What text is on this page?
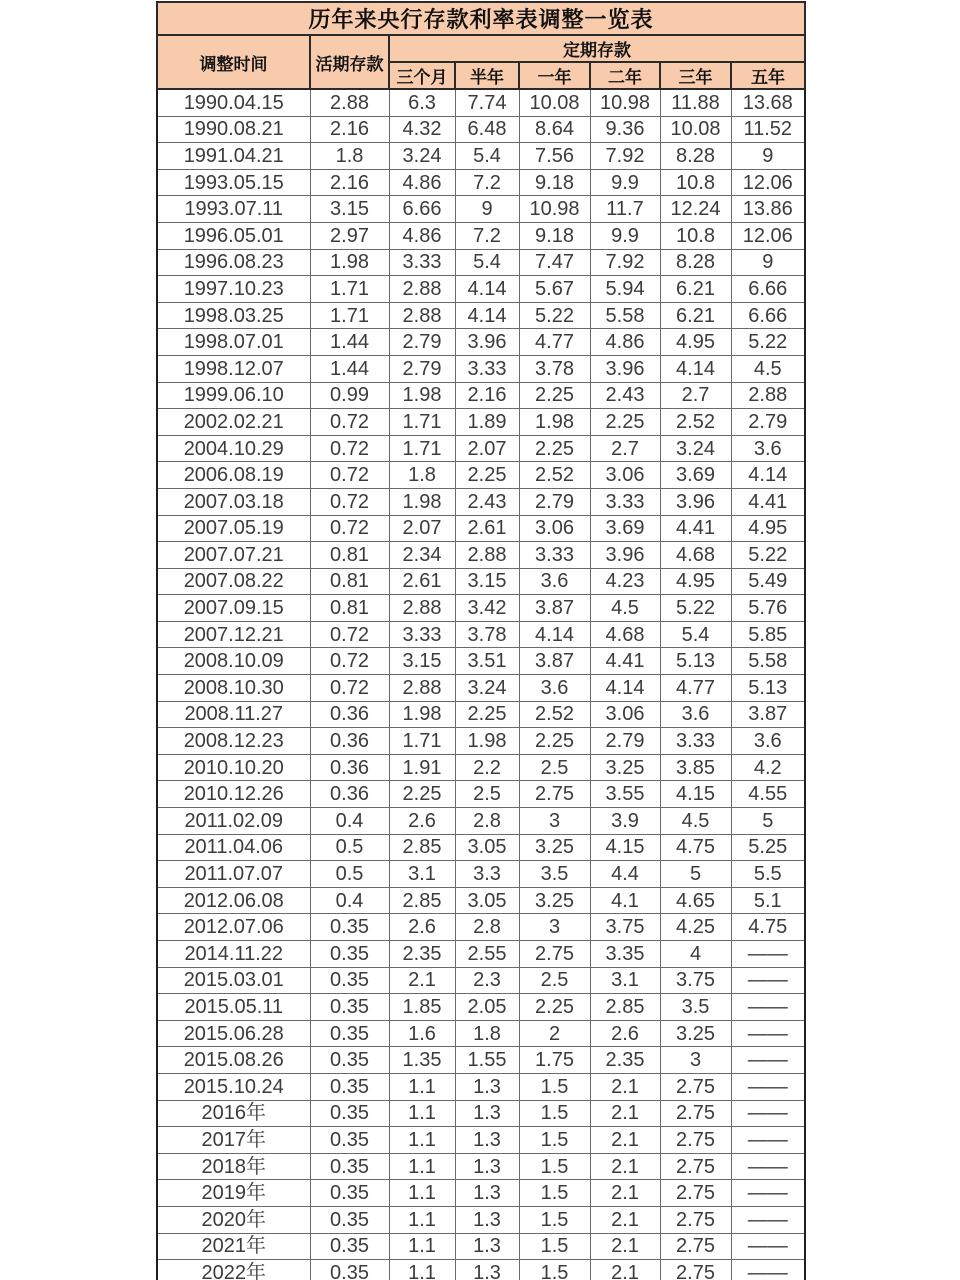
历年来央行存款利率表调整一览表							
调整时间	活期存款	定期存款					
		三个月	半年	一年	二年	三年	五年
1990.04.15	2.88	6.3	7.74	10.08	10.98	11.88	13.68
1990.08.21	2.16	4.32	6.48	8.64	9.36	10.08	11.52
1991.04.21	1.8	3.24	5.4	7.56	7.92	8.28	9
1993.05.15	2.16	4.86	7.2	9.18	9.9	10.8	12.06
1993.07.11	3.15	6.66	9	10.98	11.7	12.24	13.86
1996.05.01	2.97	4.86	7.2	9.18	9.9	10.8	12.06
1996.08.23	1.98	3.33	5.4	7.47	7.92	8.28	9
1997.10.23	1.71	2.88	4.14	5.67	5.94	6.21	6.66
1998.03.25	1.71	2.88	4.14	5.22	5.58	6.21	6.66
1998.07.01	1.44	2.79	3.96	4.77	4.86	4.95	5.22
1998.12.07	1.44	2.79	3.33	3.78	3.96	4.14	4.5
1999.06.10	0.99	1.98	2.16	2.25	2.43	2.7	2.88
2002.02.21	0.72	1.71	1.89	1.98	2.25	2.52	2.79
2004.10.29	0.72	1.71	2.07	2.25	2.7	3.24	3.6
2006.08.19	0.72	1.8	2.25	2.52	3.06	3.69	4.14
2007.03.18	0.72	1.98	2.43	2.79	3.33	3.96	4.41
2007.05.19	0.72	2.07	2.61	3.06	3.69	4.41	4.95
2007.07.21	0.81	2.34	2.88	3.33	3.96	4.68	5.22
2007.08.22	0.81	2.61	3.15	3.6	4.23	4.95	5.49
2007.09.15	0.81	2.88	3.42	3.87	4.5	5.22	5.76
2007.12.21	0.72	3.33	3.78	4.14	4.68	5.4	5.85
2008.10.09	0.72	3.15	3.51	3.87	4.41	5.13	5.58
2008.10.30	0.72	2.88	3.24	3.6	4.14	4.77	5.13
2008.11.27	0.36	1.98	2.25	2.52	3.06	3.6	3.87
2008.12.23	0.36	1.71	1.98	2.25	2.79	3.33	3.6
2010.10.20	0.36	1.91	2.2	2.5	3.25	3.85	4.2
2010.12.26	0.36	2.25	2.5	2.75	3.55	4.15	4.55
2011.02.09	0.4	2.6	2.8	3	3.9	4.5	5
2011.04.06	0.5	2.85	3.05	3.25	4.15	4.75	5.25
2011.07.07	0.5	3.1	3.3	3.5	4.4	5	5.5
2012.06.08	0.4	2.85	3.05	3.25	4.1	4.65	5.1
2012.07.06	0.35	2.6	2.8	3	3.75	4.25	4.75
2014.11.22	0.35	2.35	2.55	2.75	3.35	4	——
2015.03.01	0.35	2.1	2.3	2.5	3.1	3.75	——
2015.05.11	0.35	1.85	2.05	2.25	2.85	3.5	——
2015.06.28	0.35	1.6	1.8	2	2.6	3.25	——
2015.08.26	0.35	1.35	1.55	1.75	2.35	3	——
2015.10.24	0.35	1.1	1.3	1.5	2.1	2.75	——
2016年	0.35	1.1	1.3	1.5	2.1	2.75	——
2017年	0.35	1.1	1.3	1.5	2.1	2.75	——
2018年	0.35	1.1	1.3	1.5	2.1	2.75	——
2019年	0.35	1.1	1.3	1.5	2.1	2.75	——
2020年	0.35	1.1	1.3	1.5	2.1	2.75	——
2021年	0.35	1.1	1.3	1.5	2.1	2.75	——
2022年	0.35	1.1	1.3	1.5	2.1	2.75	——
